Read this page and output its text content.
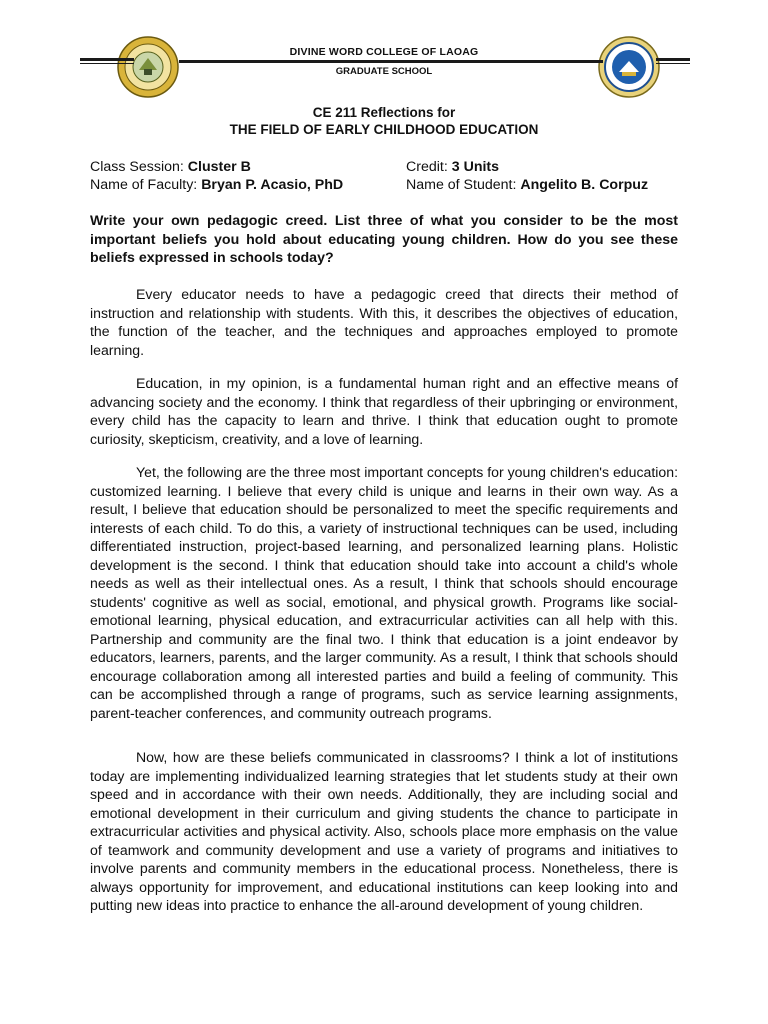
DIVINE WORD COLLEGE OF LAOAG
GRADUATE SCHOOL
CE 211 Reflections for
THE FIELD OF EARLY CHILDHOOD EDUCATION
Class Session: Cluster B	Credit: 3 Units
Name of Faculty: Bryan P. Acasio, PhD	Name of Student: Angelito B. Corpuz
Write your own pedagogic creed. List three of what you consider to be the most important beliefs you hold about educating young children. How do you see these beliefs expressed in schools today?
Every educator needs to have a pedagogic creed that directs their method of instruction and relationship with students. With this, it describes the objectives of education, the function of the teacher, and the techniques and approaches employed to promote learning.
Education, in my opinion, is a fundamental human right and an effective means of advancing society and the economy. I think that regardless of their upbringing or environment, every child has the capacity to learn and thrive. I think that education ought to promote curiosity, skepticism, creativity, and a love of learning.
Yet, the following are the three most important concepts for young children's education: customized learning. I believe that every child is unique and learns in their own way. As a result, I believe that education should be personalized to meet the specific requirements and interests of each child. To do this, a variety of instructional techniques can be used, including differentiated instruction, project-based learning, and personalized learning plans. Holistic development is the second. I think that education should take into account a child's whole needs as well as their intellectual ones. As a result, I think that schools should encourage students' cognitive as well as social, emotional, and physical growth. Programs like social-emotional learning, physical education, and extracurricular activities can all help with this. Partnership and community are the final two. I think that education is a joint endeavor by educators, learners, parents, and the larger community. As a result, I think that schools should encourage collaboration among all interested parties and build a feeling of community. This can be accomplished through a range of programs, such as service learning assignments, parent-teacher conferences, and community outreach programs.
Now, how are these beliefs communicated in classrooms? I think a lot of institutions today are implementing individualized learning strategies that let students study at their own speed and in accordance with their own needs. Additionally, they are including social and emotional development in their curriculum and giving students the chance to participate in extracurricular activities and physical activity. Also, schools place more emphasis on the value of teamwork and community development and use a variety of programs and initiatives to involve parents and community members in the educational process. Nonetheless, there is always opportunity for improvement, and educational institutions can keep looking into and putting new ideas into practice to enhance the all-around development of young children.
